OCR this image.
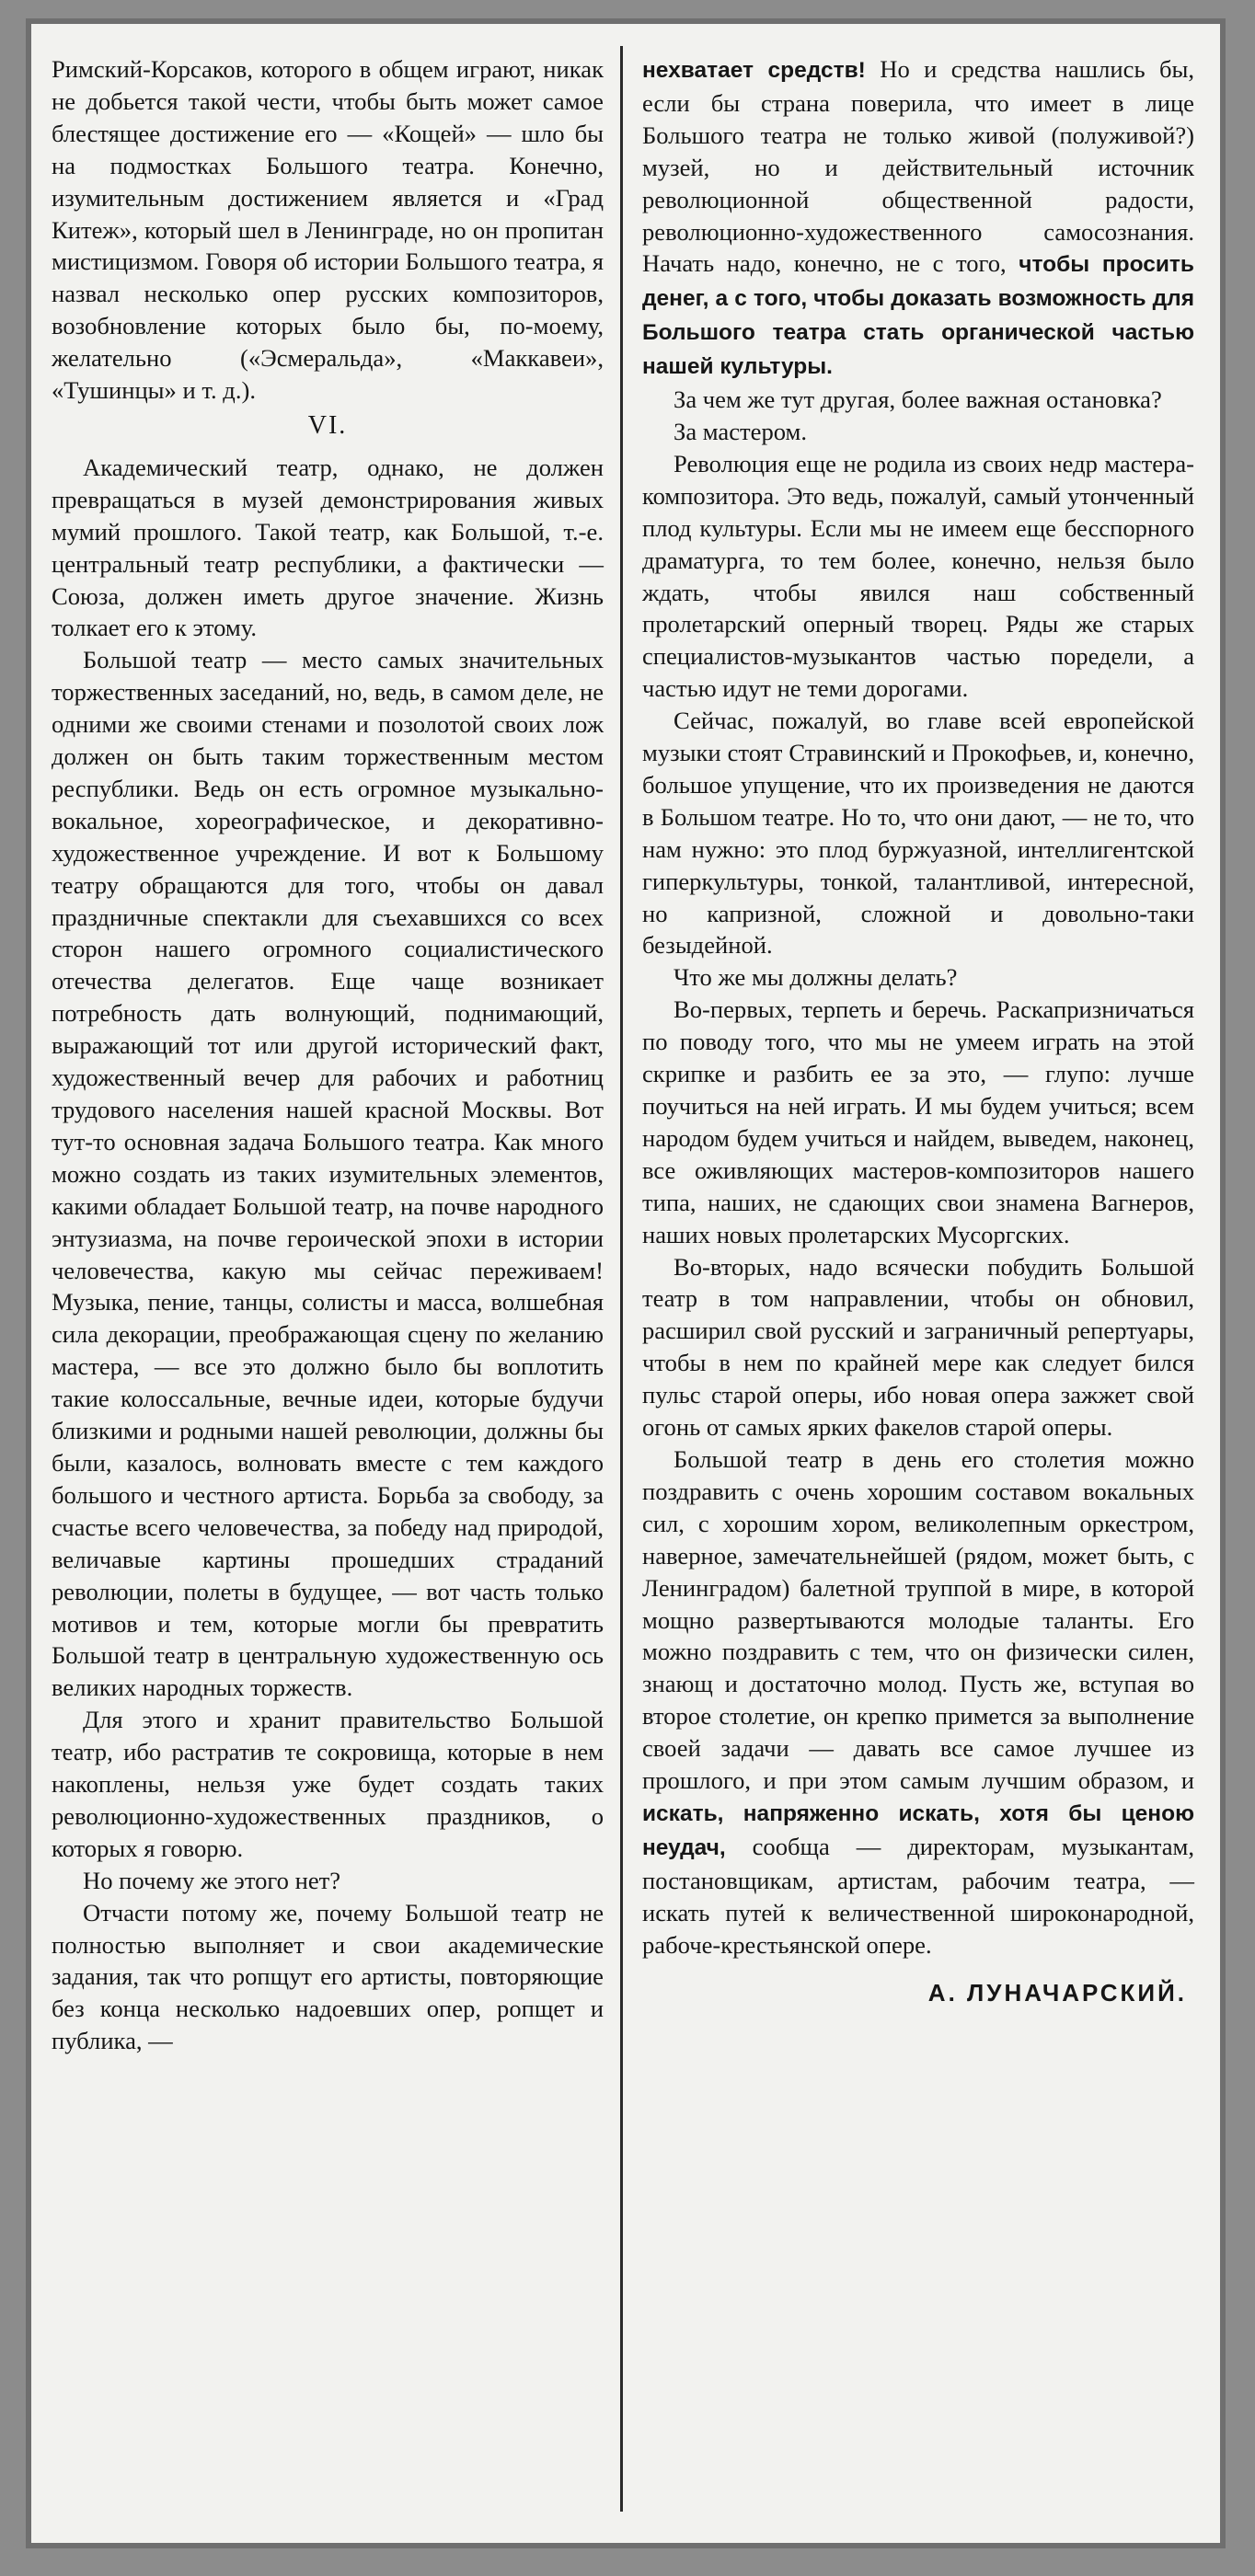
Римский-Корсаков, которого в общем играют, никак не добьется такой чести, чтобы быть может самое блестящее достижение его — «Кощей» — шло бы на подмостках Большого театра. Конечно, изумительным достижением является и «Град Китеж», который шел в Ленинграде, но он пропитан мистицизмом. Говоря об истории Большого театра, я назвал несколько опер русских композиторов, возобновление которых было бы, по-моему, желательно («Эсмеральда», «Маккавеи», «Тушинцы» и т. д.).

VI.

Академический театр, однако, не должен превращаться в музей демонстрирования живых мумий прошлого. Такой театр, как Большой, т.-е. центральный театр республики, а фактически — Союза, должен иметь другое значение. Жизнь толкает его к этому.

Большой театр — место самых значительных торжественных заседаний, но, ведь, в самом деле, не одними же своими стенами и позолотой своих лож должен он быть таким торжественным местом республики. Ведь он есть огромное музыкально-вокальное, хореографическое, и декоративно-художественное учреждение. И вот к Большому театру обращаются для того, чтобы он давал праздничные спектакли для съехавшихся со всех сторон нашего огромного социалистического отечества делегатов. Еще чаще возникает потребность дать волнующий, поднимающий, выражающий тот или другой исторический факт, художественный вечер для рабочих и работниц трудового населения нашей красной Москвы. Вот тут-то основная задача Большого театра. Как много можно создать из таких изумительных элементов, какими обладает Большой театр, на почве народного энтузиазма, на почве героической эпохи в истории человечества, какую мы сейчас переживаем! Музыка, пение, танцы, солисты и масса, волшебная сила декорации, преображающая сцену по желанию мастера, — все это должно было бы воплотить такие колоссальные, вечные идеи, которые будучи близкими и родными нашей революции, должны бы были, казалось, волновать вместе с тем каждого большого и честного артиста. Борьба за свободу, за счастье всего человечества, за победу над природой, величавые картины прошедших страданий революции, полеты в будущее, — вот часть только мотивов и тем, которые могли бы превратить Большой театр в центральную художественную ось великих народных торжеств.

Для этого и хранит правительство Большой театр, ибо растратив те сокровища, которые в нем накоплены, нельзя уже будет создать таких революционно-художественных праздников, о которых я говорю.

Но почему же этого нет?

Отчасти потому же, почему Большой театр не полностью выполняет и свои академические задания, так что ропщут его артисты, повторяющие без конца несколько надоевших опер, ропщет и публика, —

нехватает средств! Но и средства нашлись бы, если бы страна поверила, что имеет в лице Большого театра не только живой (полуживой?) музей, но и действительный источник революционной общественной радости, революционно-художественного самосознания. Начать надо, конечно, не с того, чтобы просить денег, а с того, чтобы доказать возможность для Большого театра стать органической частью нашей культуры.

За чем же тут другая, более важная остановка?

За мастером.

Революция еще не родила из своих недр мастера-композитора. Это ведь, пожалуй, самый утонченный плод культуры. Если мы не имеем еще бесспорного драматурга, то тем более, конечно, нельзя было ждать, чтобы явился наш собственный пролетарский оперный творец. Ряды же старых специалистов-музыкантов частью поредели, а частью идут не теми дорогами.

Сейчас, пожалуй, во главе всей европейской музыки стоят Стравинский и Прокофьев, и, конечно, большое упущение, что их произведения не даются в Большом театре. Но то, что они дают, — не то, что нам нужно: это плод буржуазной, интеллигентской гиперкультуры, тонкой, талантливой, интересной, но капризной, сложной и довольно-таки безыдейной.

Что же мы должны делать?

Во-первых, терпеть и беречь. Раскапризничаться по поводу того, что мы не умеем играть на этой скрипке и разбить ее за это, — глупо: лучше поучиться на ней играть. И мы будем учиться; всем народом будем учиться и найдем, выведем, наконец, все оживляющих мастеров-композиторов нашего типа, наших, не сдающих свои знамена Вагнеров, наших новых пролетарских Мусоргских.

Во-вторых, надо всячески побудить Большой театр в том направлении, чтобы он обновил, расширил свой русский и заграничный репертуары, чтобы в нем по крайней мере как следует бился пульс старой оперы, ибо новая опера зажжет свой огонь от самых ярких факелов старой оперы.

Большой театр в день его столетия можно поздравить с очень хорошим составом вокальных сил, с хорошим хором, великолепным оркестром, наверное, замечательнейшей (рядом, может быть, с Ленинградом) балетной труппой в мире, в которой мощно развертываются молодые таланты. Его можно поздравить с тем, что он физически силен, знающ и достаточно молод. Пусть же, вступая во второе столетие, он крепко примется за выполнение своей задачи — давать все самое лучшее из прошлого, и при этом самым лучшим образом, и искать, напряженно искать, хотя бы ценою неудач, сообща — директорам, музыкантам, постановщикам, артистам, рабочим театра, — искать путей к величественной широконародной, рабоче-крестьянской опере.

А. ЛУНАЧАРСКИЙ.
